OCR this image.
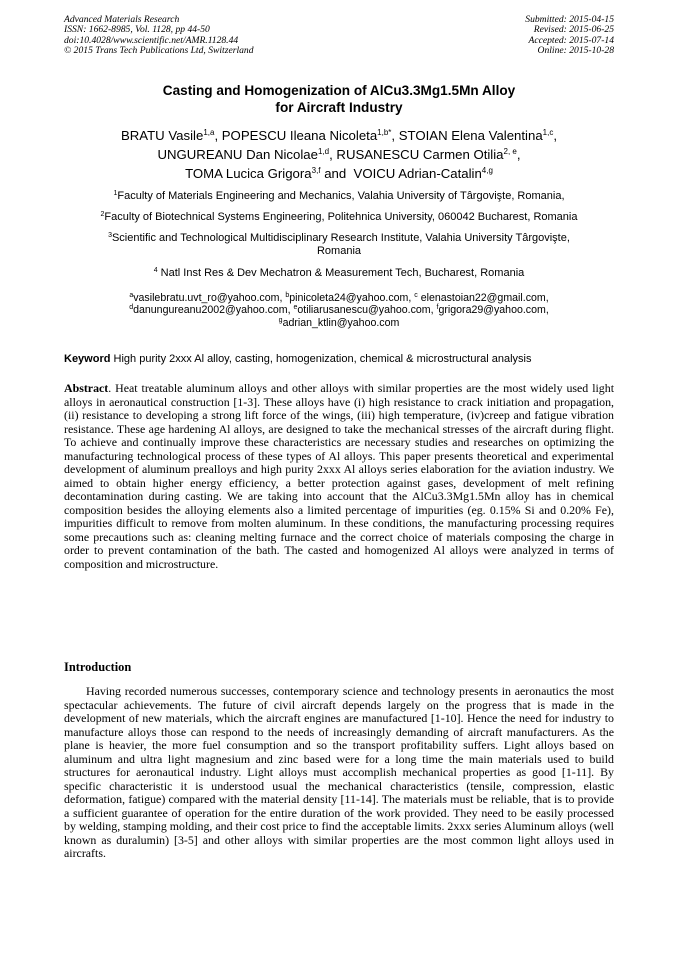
Advanced Materials Research
ISSN: 1662-8985, Vol. 1128, pp 44-50
doi:10.4028/www.scientific.net/AMR.1128.44
© 2015 Trans Tech Publications Ltd, Switzerland
Submitted: 2015-04-15
Revised: 2015-06-25
Accepted: 2015-07-14
Online: 2015-10-28
Casting and Homogenization of AlCu3.3Mg1.5Mn Alloy
for Aircraft Industry
BRATU Vasile$^{1,a}$, POPESCU Ileana Nicoleta$^{1,b*}$, STOIAN Elena Valentina$^{1,c}$,
UNGUREANU Dan Nicolae$^{1,d}$, RUSANESCU Carmen Otilia$^{2, e}$,
TOMA Lucica Grigora$^{3,f}$ and  VOICU Adrian-Catalin$^{4,g}$

$^1$Faculty of Materials Engineering and Mechanics, Valahia University of Târgovişte, Romania,

$^2$Faculty of Biotechnical Systems Engineering, Politehnica University, 060042 Bucharest, Romania

$^3$Scientific and Technological Multidisciplinary Research Institute, Valahia University Târgovişte,

Romania

$^4$ Natl Inst Res & Dev Mechatron & Measurement Tech, Bucharest, Romania

$^a$vasilebratu.uvt_ro@yahoo.com, $^b$pinicoleta24@yahoo.com, $^c$ elenastoian22@gmail.com,
$^d$danungureanu2002@yahoo.com, $^e$otiliarusanescu@yahoo.com, $^f$grigora29@yahoo.com,
$^g$adrian_ktlin@yahoo.com
Keyword High purity 2xxx Al alloy, casting, homogenization, chemical & microstructural analysis
Abstract. Heat treatable aluminum alloys and other alloys with similar properties are the most widely used light alloys in aeronautical construction [1-3]. These alloys have (i) high resistance to crack initiation and propagation, (ii) resistance to developing a strong lift force of the wings, (iii) high temperature, (iv)creep and fatigue vibration resistance. These age hardening Al alloys, are designed to take the mechanical stresses of the aircraft during flight. To achieve and continually improve these characteristics are necessary studies and researches on optimizing the manufacturing technological process of these types of Al alloys. This paper presents theoretical and experimental development of aluminum prealloys and high purity 2xxx Al alloys series elaboration for the aviation industry. We aimed to obtain higher energy efficiency, a better protection against gases, development of melt refining decontamination during casting. We are taking into account that the AlCu3.3Mg1.5Mn alloy has in chemical composition besides the alloying elements also a limited percentage of impurities (eg. 0.15% Si and 0.20% Fe), impurities difficult to remove from molten aluminum. In these conditions, the manufacturing processing requires some precautions such as: cleaning melting furnace and the correct choice of materials composing the charge in order to prevent contamination of the bath. The casted and homogenized Al alloys were analyzed in terms of composition and microstructure.
Introduction
Having recorded numerous successes, contemporary science and technology presents in aeronautics the most spectacular achievements. The future of civil aircraft depends largely on the progress that is made in the development of new materials, which the aircraft engines are manufactured [1-10]. Hence the need for industry to manufacture alloys those can respond to the needs of increasingly demanding of aircraft manufacturers. As the plane is heavier, the more fuel consumption and so the transport profitability suffers. Light alloys based on aluminum and ultra light magnesium and zinc based were for a long time the main materials used to build structures for aeronautical industry. Light alloys must accomplish mechanical properties as good [1-11]. By specific characteristic it is understood usual the mechanical characteristics (tensile, compression, elastic deformation, fatigue) compared with the material density [11-14]. The materials must be reliable, that is to provide a sufficient guarantee of operation for the entire duration of the work provided. They need to be easily processed by welding, stamping molding, and their cost price to find the acceptable limits. 2xxx series Aluminum alloys (well known as duralumin) [3-5] and other alloys with similar properties are the most common light alloys used in aircrafts.
